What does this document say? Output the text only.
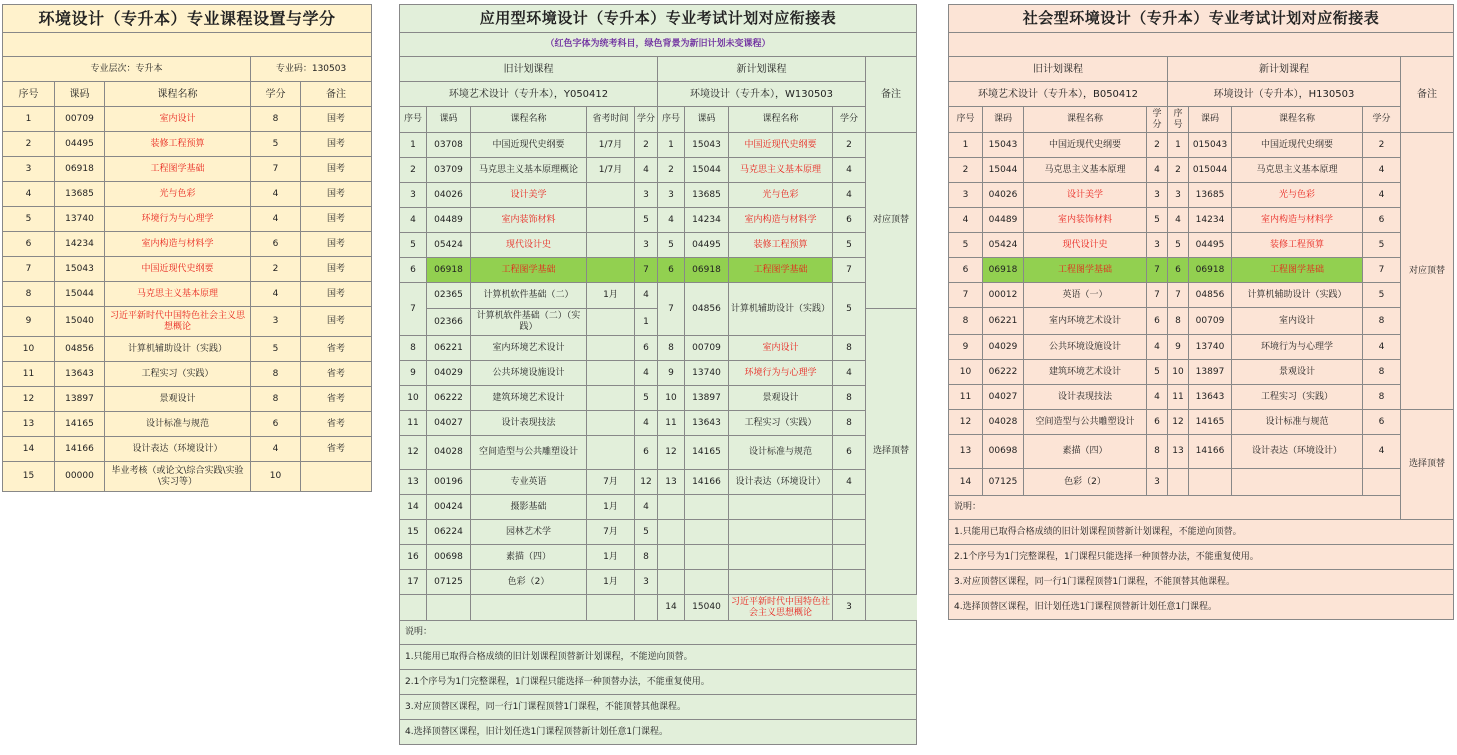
环境设计（专升本）专业课程设置与学分				

专业层次：专升本			专业码：130503	
序号	课码	课程名称	学分	备注
1	00709	室内设计	8	国考
2	04495	装修工程预算	5	国考
3	06918	工程图学基础	7	国考
4	13685	光与色彩	4	国考
5	13740	环境行为与心理学	4	国考
6	14234	室内构造与材料学	6	国考
7	15043	中国近现代史纲要	2	国考
8	15044	马克思主义基本原理	4	国考
9	15040	习近平新时代中国特色社会主义思想概论	3	国考
10	04856	计算机辅助设计（实践）	5	省考
11	13643	工程实习（实践）	8	省考
12	13897	景观设计	8	省考
13	14165	设计标准与规范	6	省考
14	14166	设计表达（环境设计）	4	省考
15	00000	毕业考核（或论文\综合实践\实验\实习等）	10	
应用型环境设计（专升本）专业考试计划对应衔接表									
（红色字体为统考科目，绿色背景为新旧计划未变课程）									
旧计划课程					新计划课程				备注
环境艺术设计（专升本），Y050412					环境设计（专升本），W130503				
序号	课码	课程名称	省考时间	学分	序号	课码	课程名称	学分	
1	03708	中国近现代史纲要	1/7月	2	1	15043	中国近现代史纲要	2	对应顶替
2	03709	马克思主义基本原理概论	1/7月	4	2	15044	马克思主义基本原理	4	
3	04026	设计美学		3	3	13685	光与色彩	4	
4	04489	室内装饰材料		5	4	14234	室内构造与材料学	6	
5	05424	现代设计史		3	5	04495	装修工程预算	5	
6	06918	工程图学基础		7	6	06918	工程图学基础	7	
7	02365	计算机软件基础（二）	1月	4	7	04856	计算机辅助设计（实践）	5	
	02366	计算机软件基础（二）（实践）		1					选择顶替
8	06221	室内环境艺术设计		6	8	00709	室内设计	8	
9	04029	公共环境设施设计		4	9	13740	环境行为与心理学	4	
10	06222	建筑环境艺术设计		5	10	13897	景观设计	8	
11	04027	设计表现技法		4	11	13643	工程实习（实践）	8	
12	04028	空间造型与公共雕塑设计		6	12	14165	设计标准与规范	6	
13	00196	专业英语	7月	12	13	14166	设计表达（环境设计）	4	
14	00424	摄影基础	1月	4					
15	06224	园林艺术学	7月	5					
16	00698	素描（四）	1月	8					
17	07125	色彩（2）	1月	3					
					14	15040	习近平新时代中国特色社会主义思想概论	3	
说明：									
1.只能用已取得合格成绩的旧计划课程顶替新计划课程，不能逆向顶替。									
2.1个序号为1门完整课程，1门课程只能选择一种顶替办法，不能重复使用。									
3.对应顶替区课程，同一行1门课程顶替1门课程，不能顶替其他课程。									
4.选择顶替区课程，旧计划任选1门课程顶替新计划任意1门课程。									
社会型环境设计（专升本）专业考试计划对应衔接表								

旧计划课程				新计划课程				备注
环境艺术设计（专升本），B050412				环境设计（专升本），H130503				
序号	课码	课程名称	学分	序号	课码	课程名称	学分	
1	15043	中国近现代史纲要	2	1	015043	中国近现代史纲要	2	对应顶替
2	15044	马克思主义基本原理	4	2	015044	马克思主义基本原理	4	
3	04026	设计美学	3	3	13685	光与色彩	4	
4	04489	室内装饰材料	5	4	14234	室内构造与材料学	6	
5	05424	现代设计史	3	5	04495	装修工程预算	5	
6	06918	工程图学基础	7	6	06918	工程图学基础	7	
7	00012	英语（一）	7	7	04856	计算机辅助设计（实践）	5	
8	06221	室内环境艺术设计	6	8	00709	室内设计	8	
9	04029	公共环境设施设计	4	9	13740	环境行为与心理学	4	
10	06222	建筑环境艺术设计	5	10	13897	景观设计	8	
11	04027	设计表现技法	4	11	13643	工程实习（实践）	8	
12	04028	空间造型与公共雕塑设计	6	12	14165	设计标准与规范	6	选择顶替
13	00698	素描（四）	8	13	14166	设计表达（环境设计）	4	
14	07125	色彩（2）	3					
说明：								
1.只能用已取得合格成绩的旧计划课程顶替新计划课程，不能逆向顶替。								
2.1个序号为1门完整课程，1门课程只能选择一种顶替办法，不能重复使用。								
3.对应顶替区课程，同一行1门课程顶替1门课程，不能顶替其他课程。								
4.选择顶替区课程，旧计划任选1门课程顶替新计划任意1门课程。								
